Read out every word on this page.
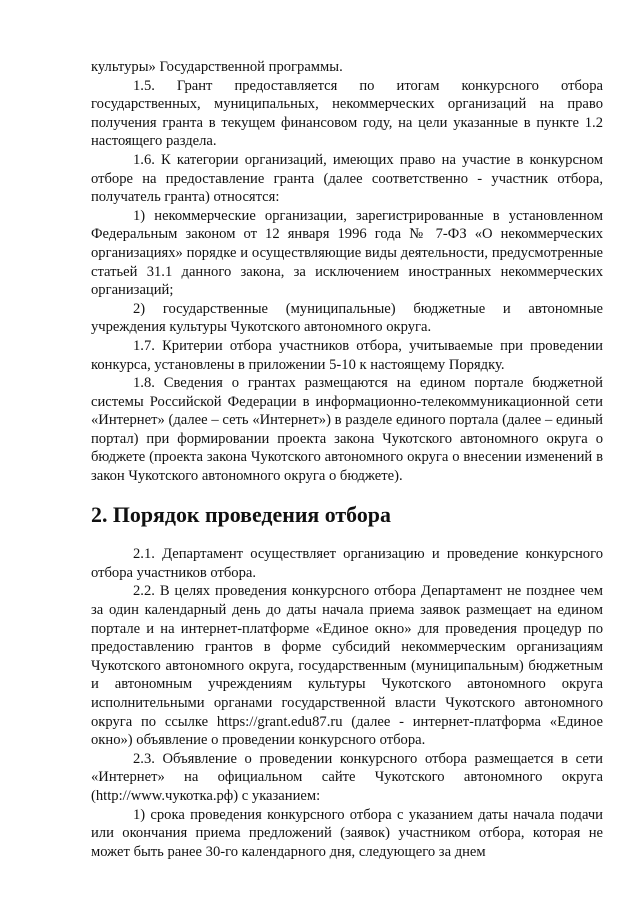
культуры» Государственной программы.

1.5. Грант предоставляется по итогам конкурсного отбора государственных, муниципальных, некоммерческих организаций на право получения гранта в текущем финансовом году, на цели указанные в пункте 1.2 настоящего раздела.

1.6. К категории организаций, имеющих право на участие в конкурсном отборе на предоставление гранта (далее соответственно - участник отбора, получатель гранта) относятся:

1) некоммерческие организации, зарегистрированные в установленном Федеральным законом от 12 января 1996 года № 7-ФЗ «О некоммерческих организациях» порядке и осуществляющие виды деятельности, предусмотренные статьей 31.1 данного закона, за исключением иностранных некоммерческих организаций;

2) государственные (муниципальные) бюджетные и автономные учреждения культуры Чукотского автономного округа.

1.7. Критерии отбора участников отбора, учитываемые при проведении конкурса, установлены в приложении 5-10 к настоящему Порядку.

1.8. Сведения о грантах размещаются на едином портале бюджетной системы Российской Федерации в информационно-телекоммуникационной сети «Интернет» (далее – сеть «Интернет») в разделе единого портала (далее – единый портал) при формировании проекта закона Чукотского автономного округа о бюджете (проекта закона Чукотского автономного округа о внесении изменений в закон Чукотского автономного округа о бюджете).

2. Порядок проведения отбора

2.1. Департамент осуществляет организацию и проведение конкурсного отбора участников отбора.

2.2. В целях проведения конкурсного отбора Департамент не позднее чем за один календарный день до даты начала приема заявок размещает на едином портале и на интернет-платформе «Единое окно» для проведения процедур по предоставлению грантов в форме субсидий некоммерческим организациям Чукотского автономного округа, государственным (муниципальным) бюджетным и автономным учреждениям культуры Чукотского автономного округа исполнительными органами государственной власти Чукотского автономного округа по ссылке https://grant.edu87.ru (далее - интернет-платформа «Единое окно») объявление о проведении конкурсного отбора.

2.3. Объявление о проведении конкурсного отбора размещается в сети «Интернет» на официальном сайте Чукотского автономного округа (http://www.чукотка.рф) с указанием:

1) срока проведения конкурсного отбора с указанием даты начала подачи или окончания приема предложений (заявок) участником отбора, которая не может быть ранее 30-го календарного дня, следующего за днем
